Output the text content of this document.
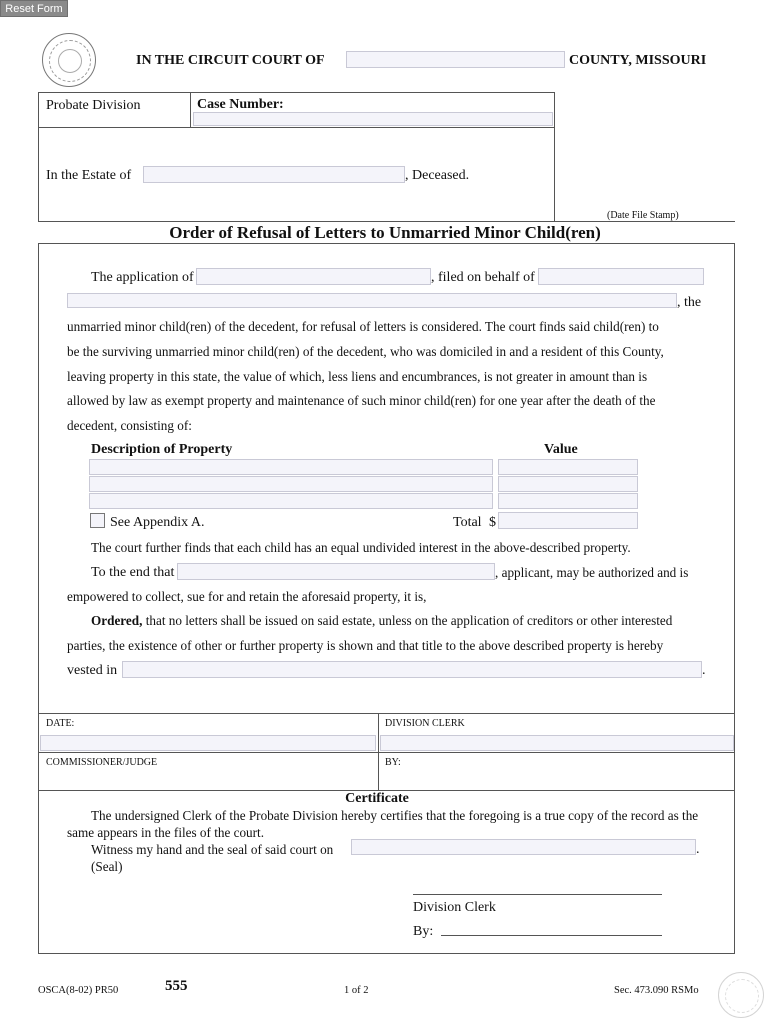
Reset Form
IN THE CIRCUIT COURT OF	COUNTY, MISSOURI
Probate Division	Case Number:
In the Estate of	, Deceased.
(Date File Stamp)
Order of Refusal of Letters to Unmarried Minor Child(ren)
The application of	, filed on behalf of
, the
unmarried minor child(ren) of the decedent, for refusal of letters is considered. The court finds said child(ren) to
be the surviving unmarried minor child(ren) of the decedent, who was domiciled in and a resident of this County,
leaving property in this state, the value of which, less liens and encumbrances, is not greater in amount than is
allowed by law as exempt property and maintenance of such minor child(ren) for one year after the death of the
decedent, consisting of:
Description of Property	Value
See Appendix A.	Total $
The court further finds that each child has an equal undivided interest in the above-described property.
To the end that	, applicant, may be authorized and is
empowered to collect, sue for and retain the aforesaid property, it is,
Ordered, that no letters shall be issued on said estate, unless on the application of creditors or other interested
parties, the existence of other or further property is shown and that title to the above described property is hereby
vested in	.
DATE:	DIVISION CLERK
COMMISSIONER/JUDGE	BY:
Certificate
The undersigned Clerk of the Probate Division hereby certifies that the foregoing is a true copy of the record as the
same appears in the files of the court.
Witness my hand and the seal of said court on	.
(Seal)
Division Clerk
By:
OSCA(8-02) PR50	555	1 of 2	Sec. 473.090 RSMo
